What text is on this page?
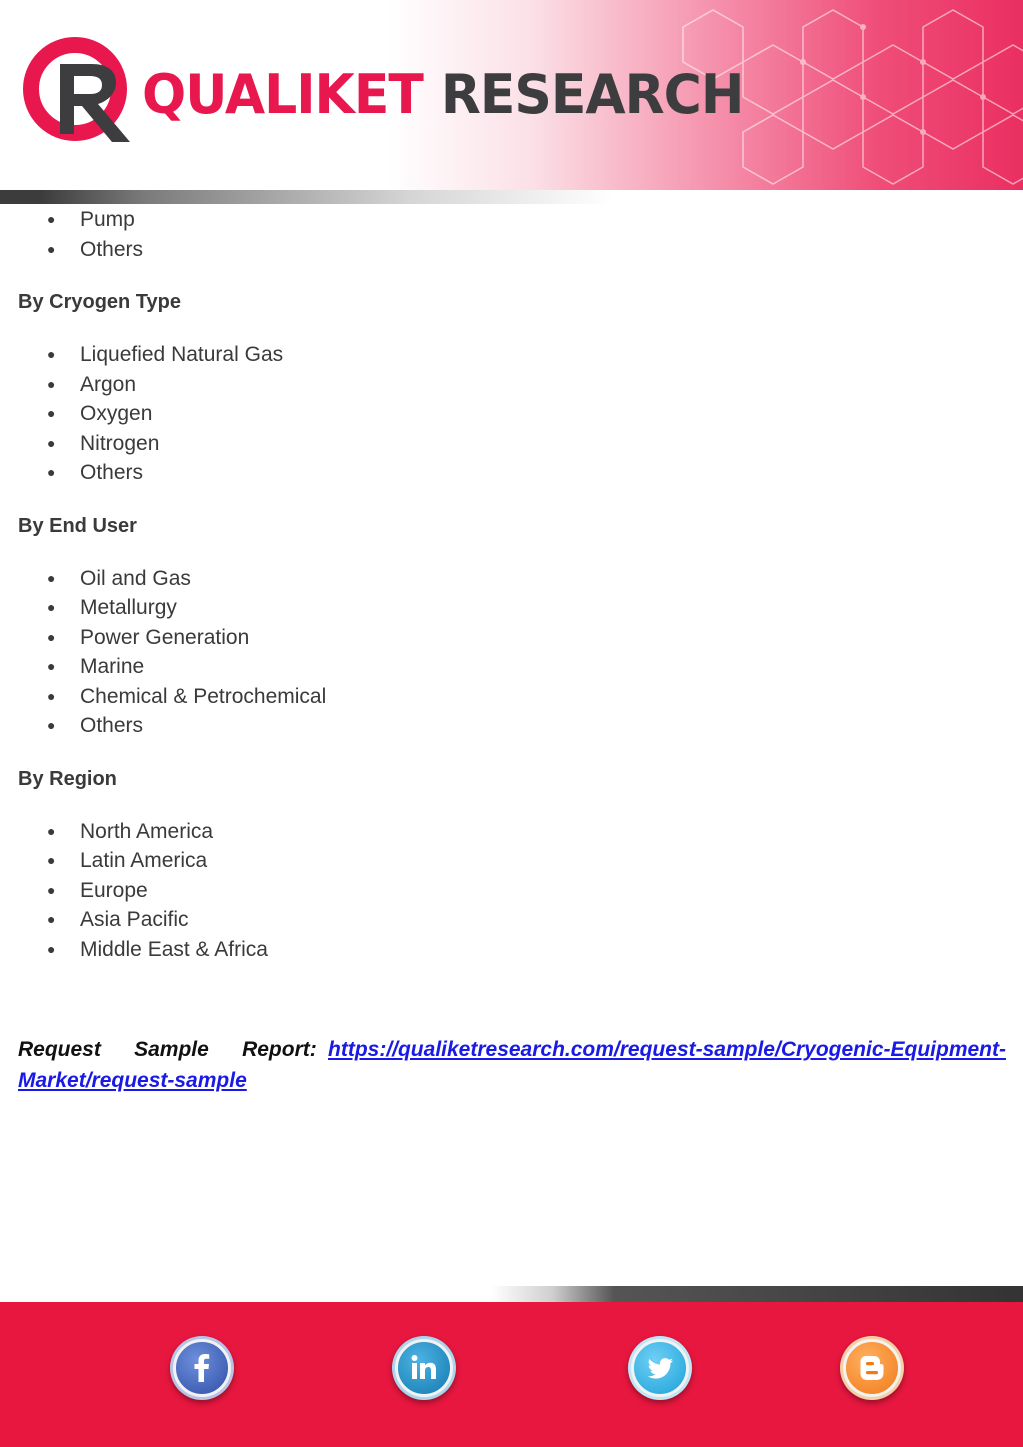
QUALIKET RESEARCH
● Pump
● Others
By Cryogen Type
● Liquefied Natural Gas
● Argon
● Oxygen
● Nitrogen
● Others
By End User
● Oil and Gas
● Metallurgy
● Power Generation
● Marine
● Chemical & Petrochemical
● Others
By Region
● North America
● Latin America
● Europe
● Asia Pacific
● Middle East & Africa
Request Sample Report: https://qualiketresearch.com/request-sample/Cryogenic-Equipment-Market/request-sample
